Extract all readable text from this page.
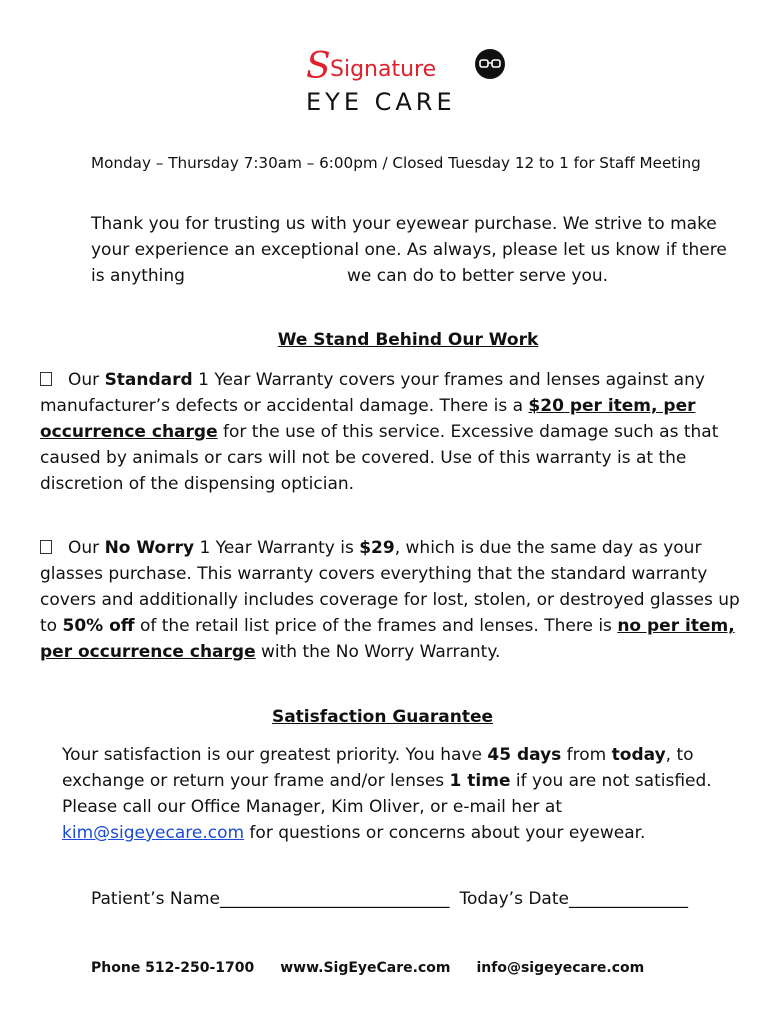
S Signature
EYE CARE
Monday – Thursday 7:30am – 6:00pm / Closed Tuesday 12 to 1 for Staff Meeting
Thank you for trusting us with your eyewear purchase. We strive to make your experience an exceptional one. As always, please let us know if there is anything	we can do to better serve you.
We Stand Behind Our Work
Our Standard 1 Year Warranty covers your frames and lenses against any manufacturer’s defects or accidental damage. There is a $20 per item, per occurrence charge for the use of this service. Excessive damage such as that caused by animals or cars will not be covered. Use of this warranty is at the discretion of the dispensing optician.
Our No Worry 1 Year Warranty is $29, which is due the same day as your glasses purchase. This warranty covers everything that the standard warranty covers and additionally includes coverage for lost, stolen, or destroyed glasses up to 50% off of the retail list price of the frames and lenses. There is no per item, per occurrence charge with the No Worry Warranty.
Satisfaction Guarantee
Your satisfaction is our greatest priority. You have 45 days from today, to exchange or return your frame and/or lenses 1 time if you are not satisfied. Please call our Office Manager, Kim Oliver, or e-mail her at kim@sigeyecare.com for questions or concerns about your eyewear.
Patient’s Name___________________________ Today’s Date______________
Phone 512-250-1700 www.SigEyeCare.com info@sigeyecare.com
